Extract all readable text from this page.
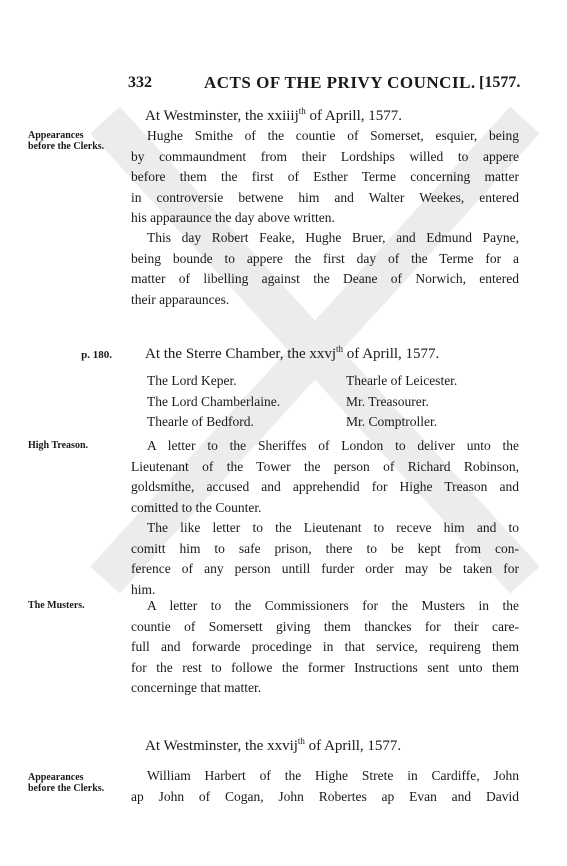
332	ACTS OF THE PRIVY COUNCIL. [1577.
At Westminster, the xxiiij$^{th}$ of Aprill, 1577.
Appearances before the Clerks.
Hughe Smithe of the countie of Somerset, esquier, being
by commaundment from their Lordships willed to appere
before them the first of Esther Terme concerning matter
in controversie betwene him and Walter Weekes, entered
his apparaunce the day above written.
This day Robert Feake, Hughe Bruer, and Edmund Payne,
being bounde to appere the first day of the Terme for a
matter of libelling against the Deane of Norwich, entered
their apparaunces.
p. 180. At the Sterre Chamber, the xxvj$^{th}$ of Aprill, 1577.
The Lord Keper.	Thearle of Leicester.
The Lord Chamberlaine.	Mr. Treasourer.
Thearle of Bedford.	Mr. Comptroller.
High Treason.	A letter to the Sheriffes of London to deliver unto the
Lieutenant of the Tower the person of Richard Robinson,
goldsmithe, accused and apprehendid for Highe Treason and
comitted to the Counter.
The like letter to the Lieutenant to receve him and to
comitt him to safe prison, there to be kept from con-
ference of any person untill furder order may be taken for
him.
The Musters.	A letter to the Commissioners for the Musters in the
countie of Somersett giving them thanckes for their care-
full and forwarde procedinge in that service, requireng them
for the rest to followe the former Instructions sent unto them
concerninge that matter.
At Westminster, the xxvij$^{th}$ of Aprill, 1577.
Appearances before the Clerks.
William Harbert of the Highe Strete in Cardiffe, John
ap John of Cogan, John Robertes ap Evan and David
